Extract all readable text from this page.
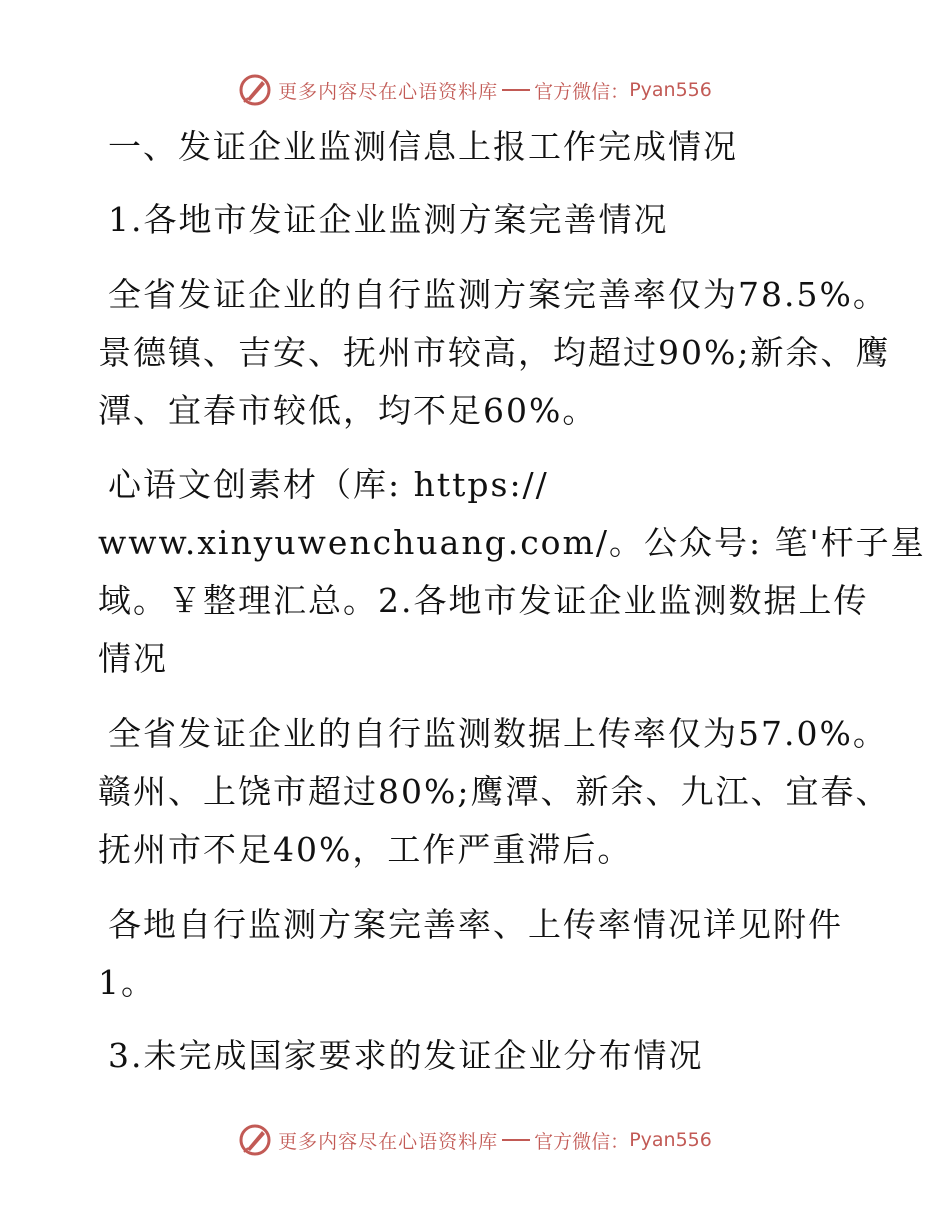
更多内容尽在心语资料库 官方微信： Pyan556
一、发证企业监测信息上报工作完成情况
1.各地市发证企业监测方案完善情况
全省发证企业的自行监测方案完善率仅为78.5%。
景德镇、吉安、抚州市较高，均超过90%;新余、鹰
潭、宜春市较低，均不足60%。
心语文创素材（库: https://
www.xinyuwenchuang.com/。公众号: 笔'杆子星
域。￥整理汇总。2.各地市发证企业监测数据上传
情况
全省发证企业的自行监测数据上传率仅为57.0%。
赣州、上饶市超过80%;鹰潭、新余、九江、宜春、
抚州市不足40%，工作严重滞后。
各地自行监测方案完善率、上传率情况详见附件
1。
3.未完成国家要求的发证企业分布情况
更多内容尽在心语资料库 官方微信： Pyan556
